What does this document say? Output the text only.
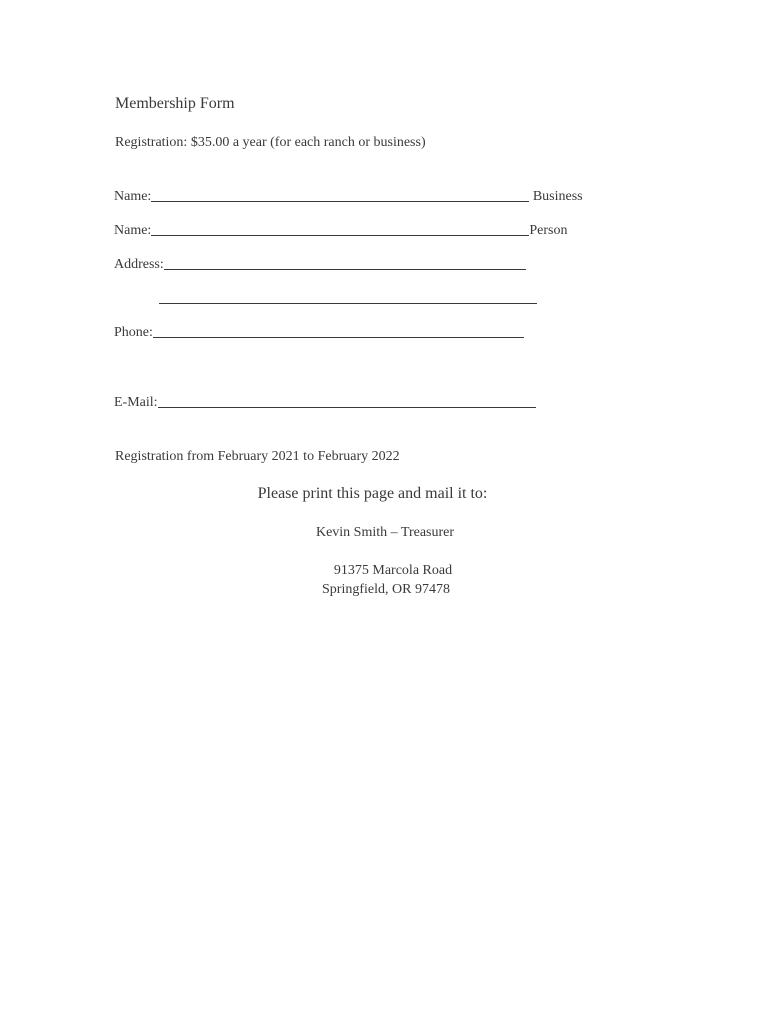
Membership Form
Registration: $35.00 a year (for each ranch or business)
Name:	Business
Name:	Person
Address:
Phone:
E-Mail:
Registration from February 2021 to February 2022
Please print this page and mail it to:
Kevin Smith – Treasurer
91375 Marcola Road
Springfield, OR 97478
